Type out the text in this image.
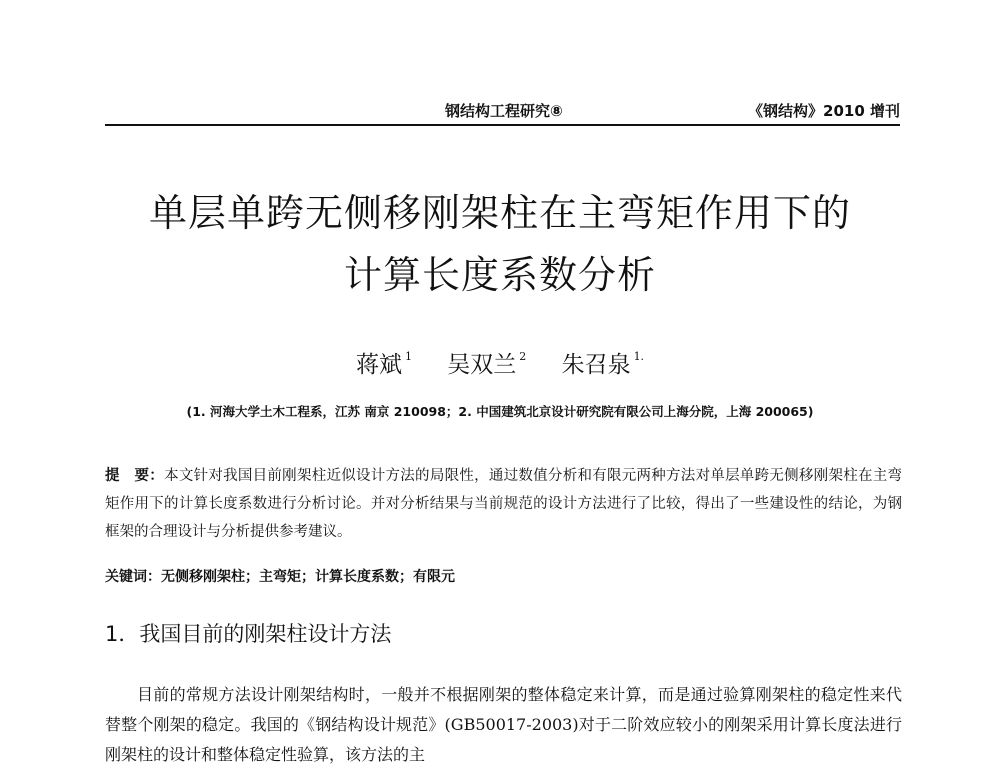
钢结构工程研究⑧	《钢结构》2010 增刊
单层单跨无侧移刚架柱在主弯矩作用下的
计算长度系数分析
蒋斌 $^1$ 吴双兰 $^2$ 朱召泉 $^{1.}$
(1. 河海大学土木工程系，江苏 南京 210098；2. 中国建筑北京设计研究院有限公司上海分院，上海 200065)
提　要：本文针对我国目前刚架柱近似设计方法的局限性，通过数值分析和有限元两种方法对单层单跨无侧移刚架柱在主弯矩作用下的计算长度系数进行分析讨论。并对分析结果与当前规范的设计方法进行了比较，得出了一些建设性的结论，为钢框架的合理设计与分析提供参考建议。
关键词：无侧移刚架柱；主弯矩；计算长度系数；有限元
1．我国目前的刚架柱设计方法

目前的常规方法设计刚架结构时，一般并不根据刚架的整体稳定来计算，而是通过验算刚架柱的稳定性来代替整个刚架的稳定。我国的《钢结构设计规范》(GB50017-2003)对于二阶效应较小的刚架采用计算长度法进行刚架柱的设计和整体稳定性验算，该方法的主
